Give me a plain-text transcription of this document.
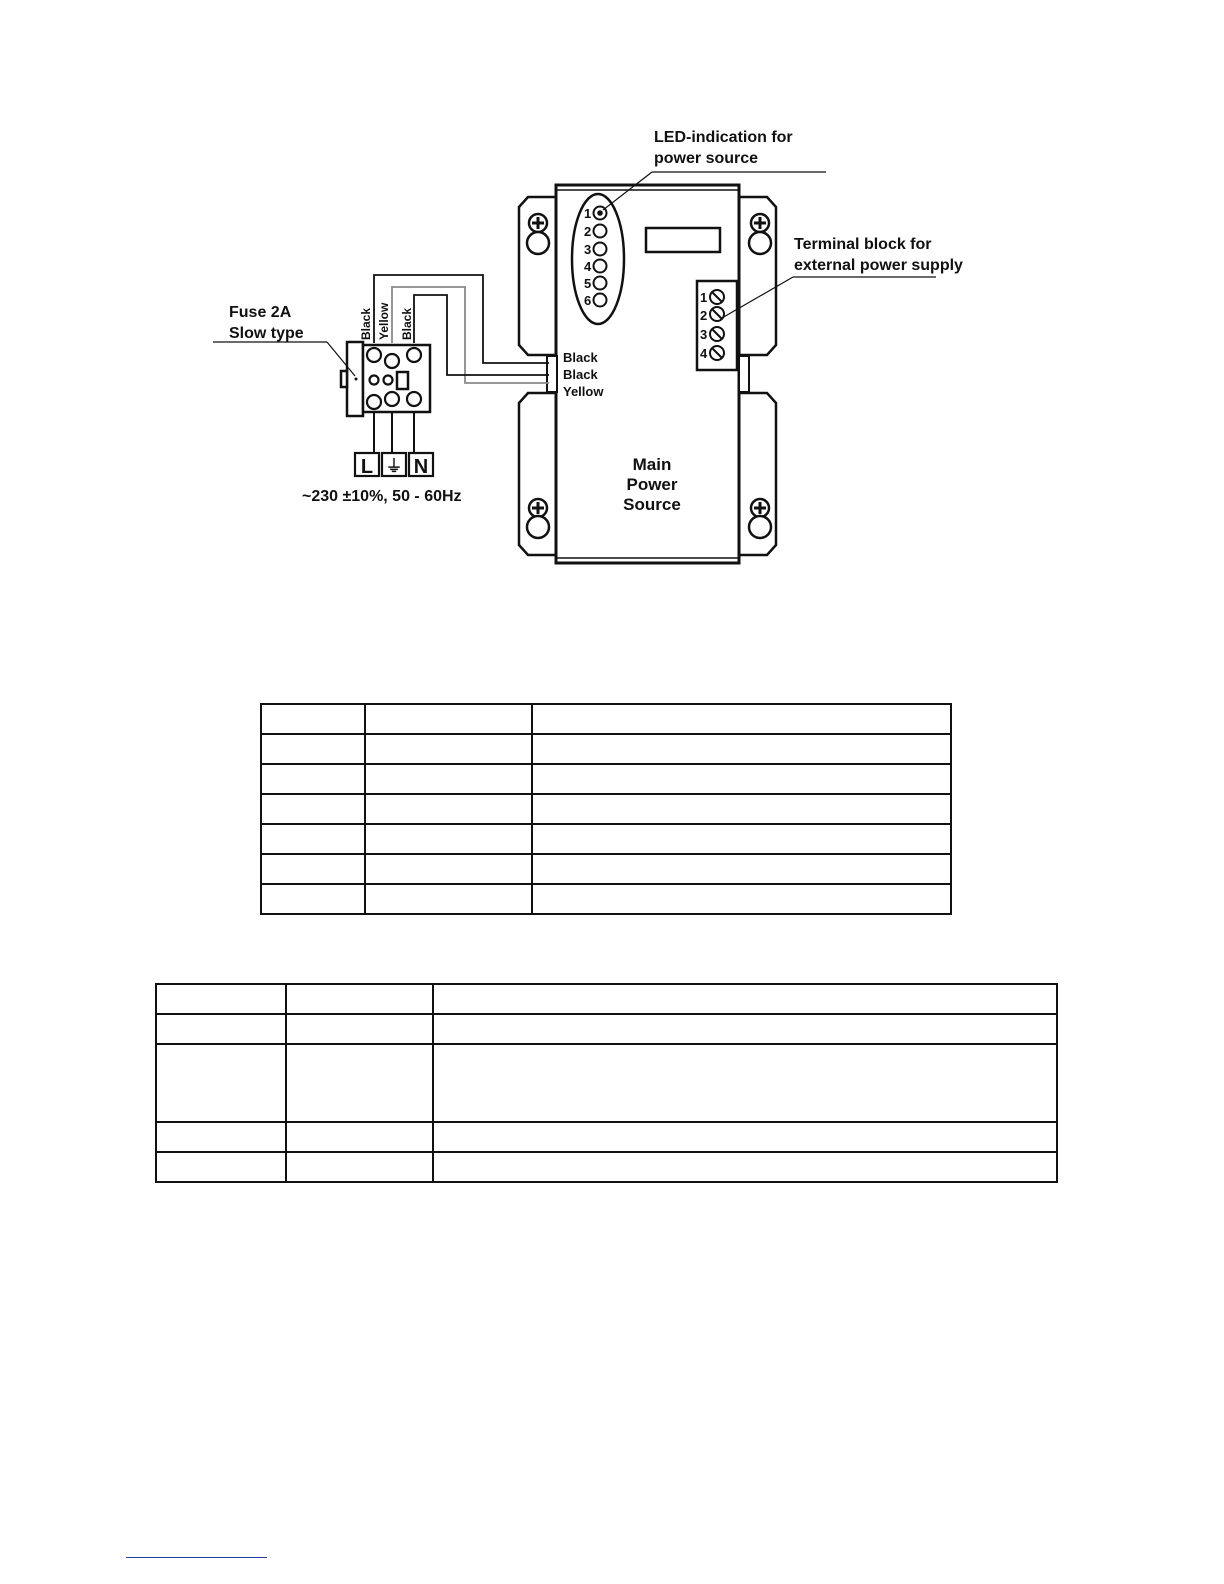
1
2
3
4
5
6
LED-indication for
power source
1
2
3
4
Terminal block for
external power supply
Black Yellow Black
Black
Black
Yellow
Fuse 2A
Slow type
L ⏚ N
~230 ±10%, 50 - 60Hz
Main
Power
Source
